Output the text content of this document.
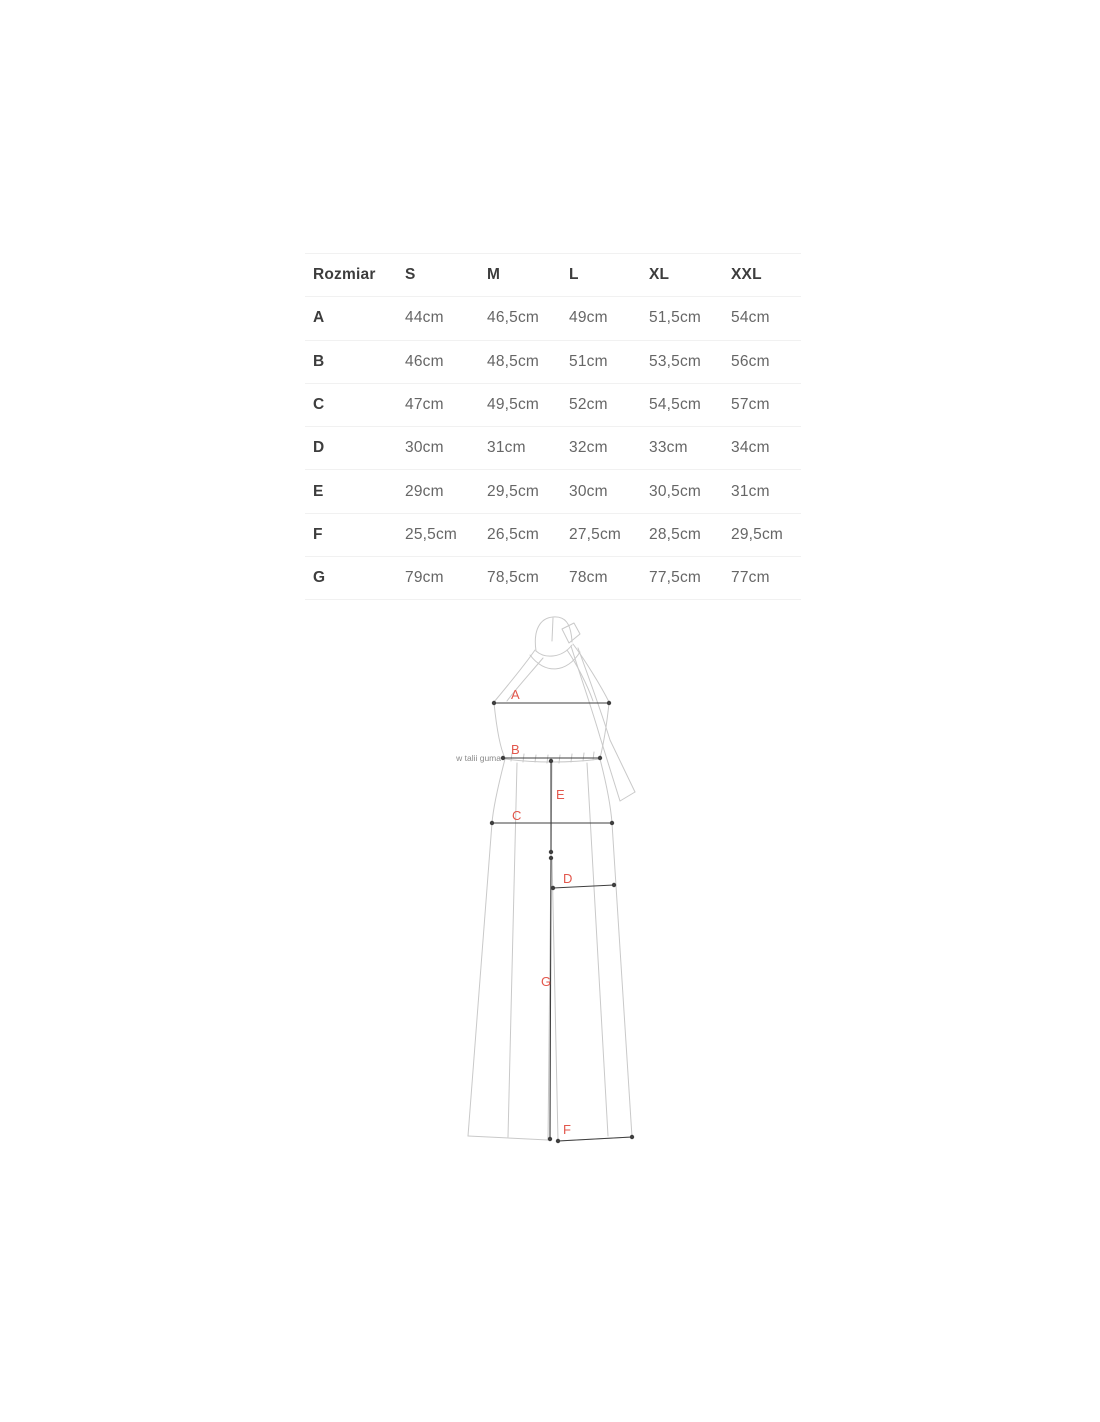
Rozmiar	S	M	L	XL	XXL
A	44cm	46,5cm	49cm	51,5cm	54cm
B	46cm	48,5cm	51cm	53,5cm	56cm
C	47cm	49,5cm	52cm	54,5cm	57cm
D	30cm	31cm	32cm	33cm	34cm
E	29cm	29,5cm	30cm	30,5cm	31cm
F	25,5cm	26,5cm	27,5cm	28,5cm	29,5cm
G	79cm	78,5cm	78cm	77,5cm	77cm
A
B
C
D
E
F
G
w talii guma
